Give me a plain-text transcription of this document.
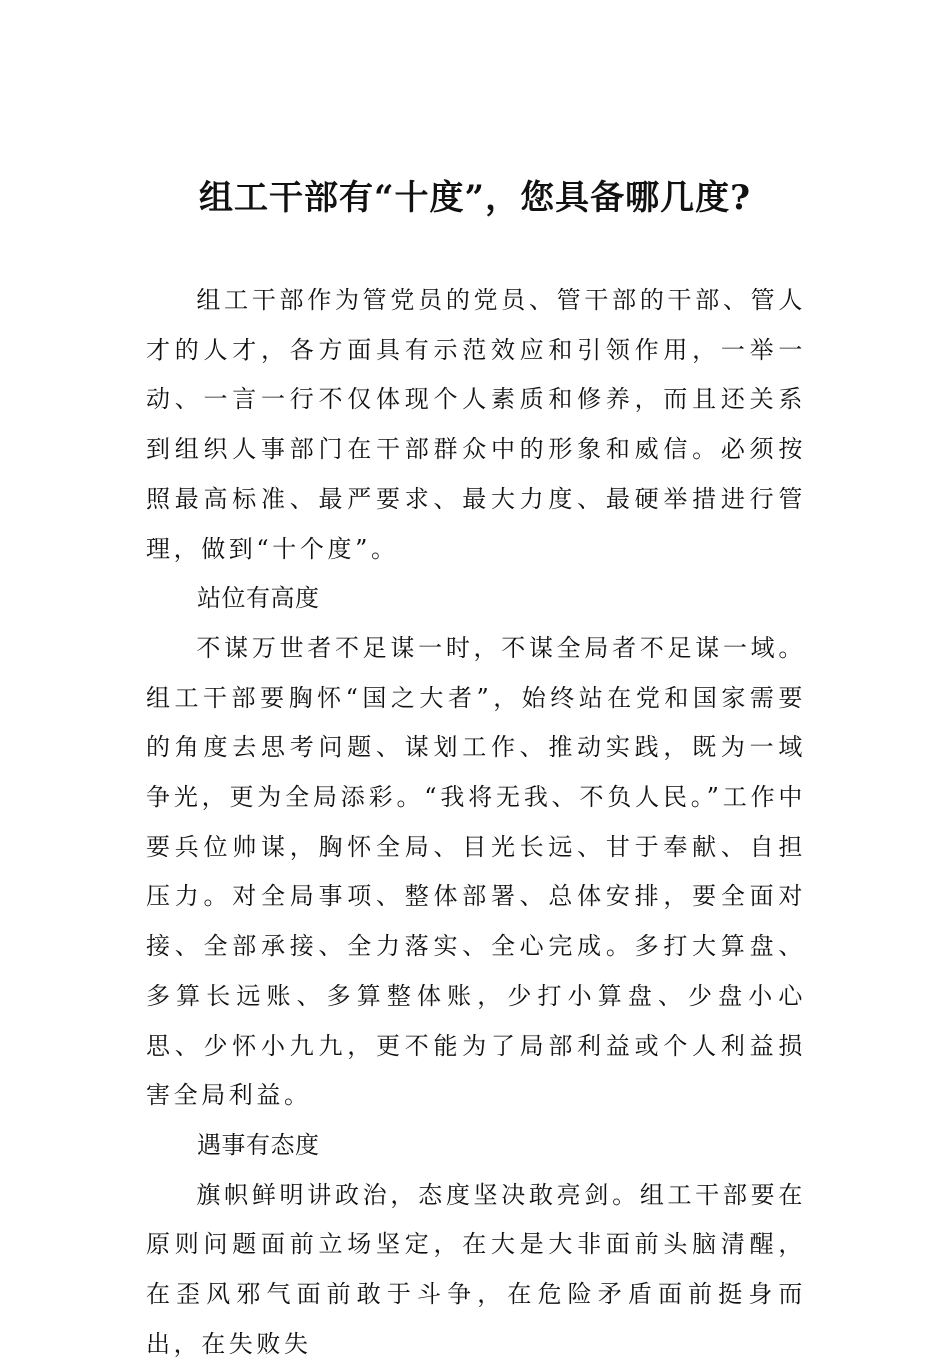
组工干部有“十度”，您具备哪几度?

组工干部作为管党员的党员、管干部的干部、管人才的人才，各方面具有示范效应和引领作用，一举一动、一言一行不仅体现个人素质和修养，而且还关系到组织人事部门在干部群众中的形象和威信。必须按照最高标准、最严要求、最大力度、最硬举措进行管理，做到“十个度”。

站位有高度

不谋万世者不足谋一时，不谋全局者不足谋一域。组工干部要胸怀“国之大者”，始终站在党和国家需要的角度去思考问题、谋划工作、推动实践，既为一域争光，更为全局添彩。“我将无我、不负人民。”工作中要兵位帅谋，胸怀全局、目光长远、甘于奉献、自担压力。对全局事项、整体部署、总体安排，要全面对接、全部承接、全力落实、全心完成。多打大算盘、多算长远账、多算整体账，少打小算盘、少盘小心思、少怀小九九，更不能为了局部利益或个人利益损害全局利益。

遇事有态度

旗帜鲜明讲政治，态度坚决敢亮剑。组工干部要在原则问题面前立场坚定，在大是大非面前头脑清醒，在歪风邪气面前敢于斗争，在危险矛盾面前挺身而出，在失败失
